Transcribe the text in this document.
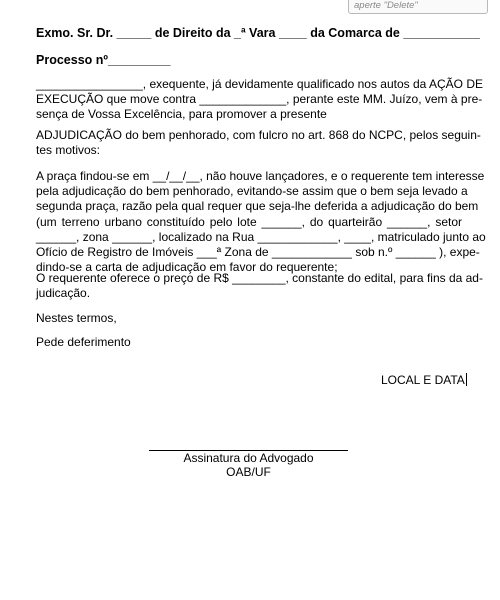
aperte "Delete"
Exmo. Sr. Dr. _____ de Direito da _ª Vara ____ da Comarca de ___________
Processo nº_________
________________, exequente, já devidamente qualificado nos autos da AÇÃO DE
EXECUÇÃO que move contra _____________, perante este MM. Juízo, vem à pre-
sença de Vossa Excelência, para promover a presente
ADJUDICAÇÃO do bem penhorado, com fulcro no art. 868 do NCPC, pelos seguin-
tes motivos:
A praça findou-se em __/__/__, não houve lançadores, e o requerente tem interesse
pela adjudicação do bem penhorado, evitando-se assim que o bem seja levado a
segunda praça, razão pela qual requer que seja-lhe deferida a adjudicação do bem
(um terreno urbano constituído pelo lote ______, do quarteirão ______, setor
______, zona ______, localizado na Rua ____________, ____, matriculado junto ao
Ofício de Registro de Imóveis ___ª Zona de ____________ sob n.º ______ ), expe-
dindo-se a carta de adjudicação em favor do requerente;
O requerente oferece o preço de R$ ________, constante do edital, para fins da ad-
judicação.
Nestes termos,
Pede deferimento
LOCAL E DATA
Assinatura do Advogado
OAB/UF
